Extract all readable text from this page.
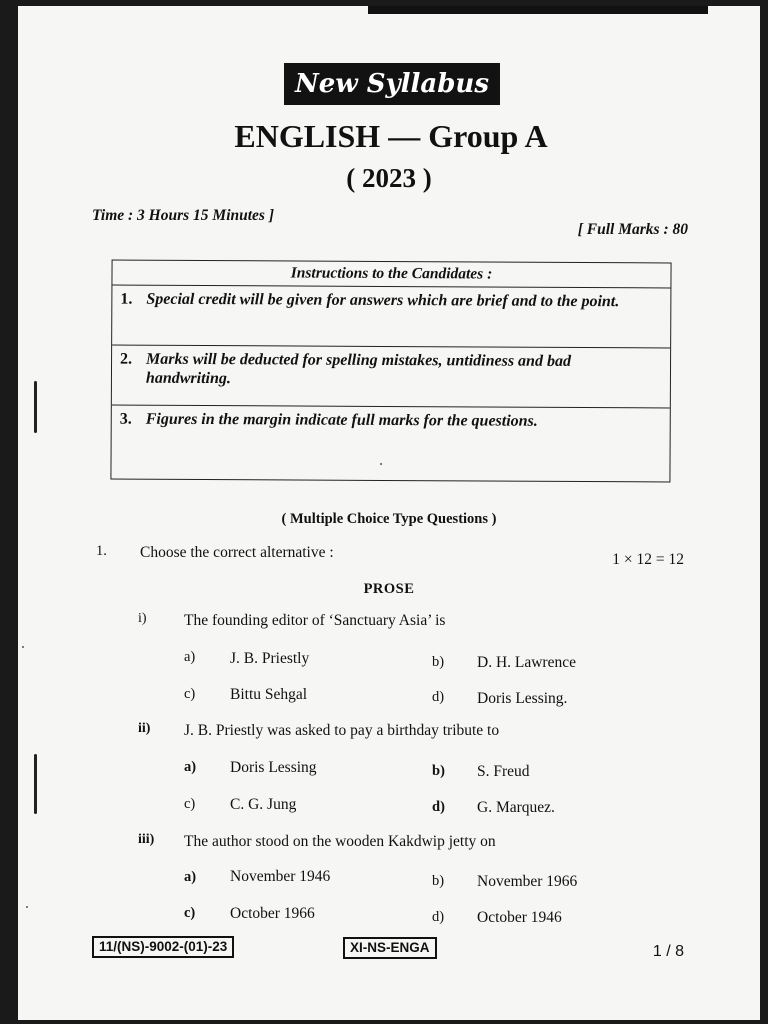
New Syllabus
ENGLISH — Group A
( 2023 )
Time : 3 Hours 15 Minutes ]
[ Full Marks : 80
Instructions to the Candidates :
1. Special credit will be given for answers which are brief and to the point.
2. Marks will be deducted for spelling mistakes, untidiness and bad handwriting.
3. Figures in the margin indicate full marks for the questions.
( Multiple Choice Type Questions )
1. Choose the correct alternative :	1 × 12 = 12
PROSE
i) The founding editor of ‘Sanctuary Asia’ is
a) J. B. Priestly	b) D. H. Lawrence
c) Bittu Sehgal	d) Doris Lessing.
ii) J. B. Priestly was asked to pay a birthday tribute to
a) Doris Lessing	b) S. Freud
c) C. G. Jung	d) G. Marquez.
iii) The author stood on the wooden Kakdwip jetty on
a) November 1946	b) November 1966
c) October 1966	d) October 1946
11/(NS)-9002-(01)-23	XI-NS-ENGA	1 / 8
